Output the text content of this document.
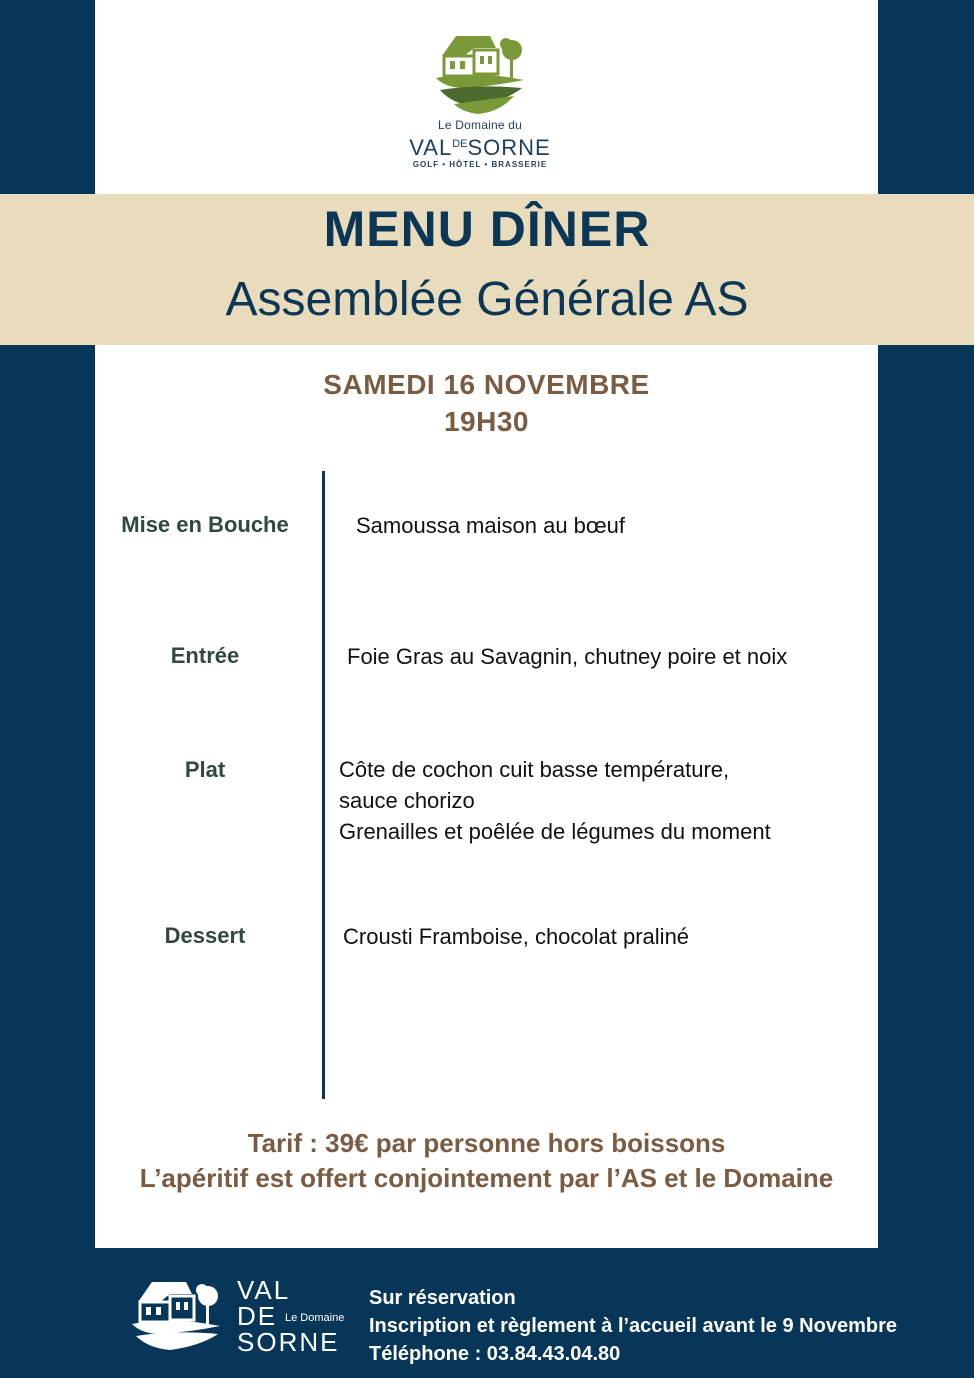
Le Domaine du
$VAL^{DE}SORNE$
GOLF • HÔTEL • BRASSERIE
MENU DÎNER
Assemblée Générale AS
SAMEDI 16 NOVEMBRE
19H30
Mise en Bouche	Samoussa maison au bœuf
Entrée	Foie Gras au Savagnin, chutney poire et noix
Plat	Côte de cochon cuit basse température,
sauce chorizo
Grenailles et poêlée de légumes du moment
Dessert	Crousti Framboise, chocolat praliné
Tarif : 39€ par personne hors boissons
L’apéritif est offert conjointement par l’AS et le Domaine
VAL
DE Le Domaine
SORNE
Sur réservation
Inscription et règlement à l’accueil avant le 9 Novembre
Téléphone : 03.84.43.04.80
